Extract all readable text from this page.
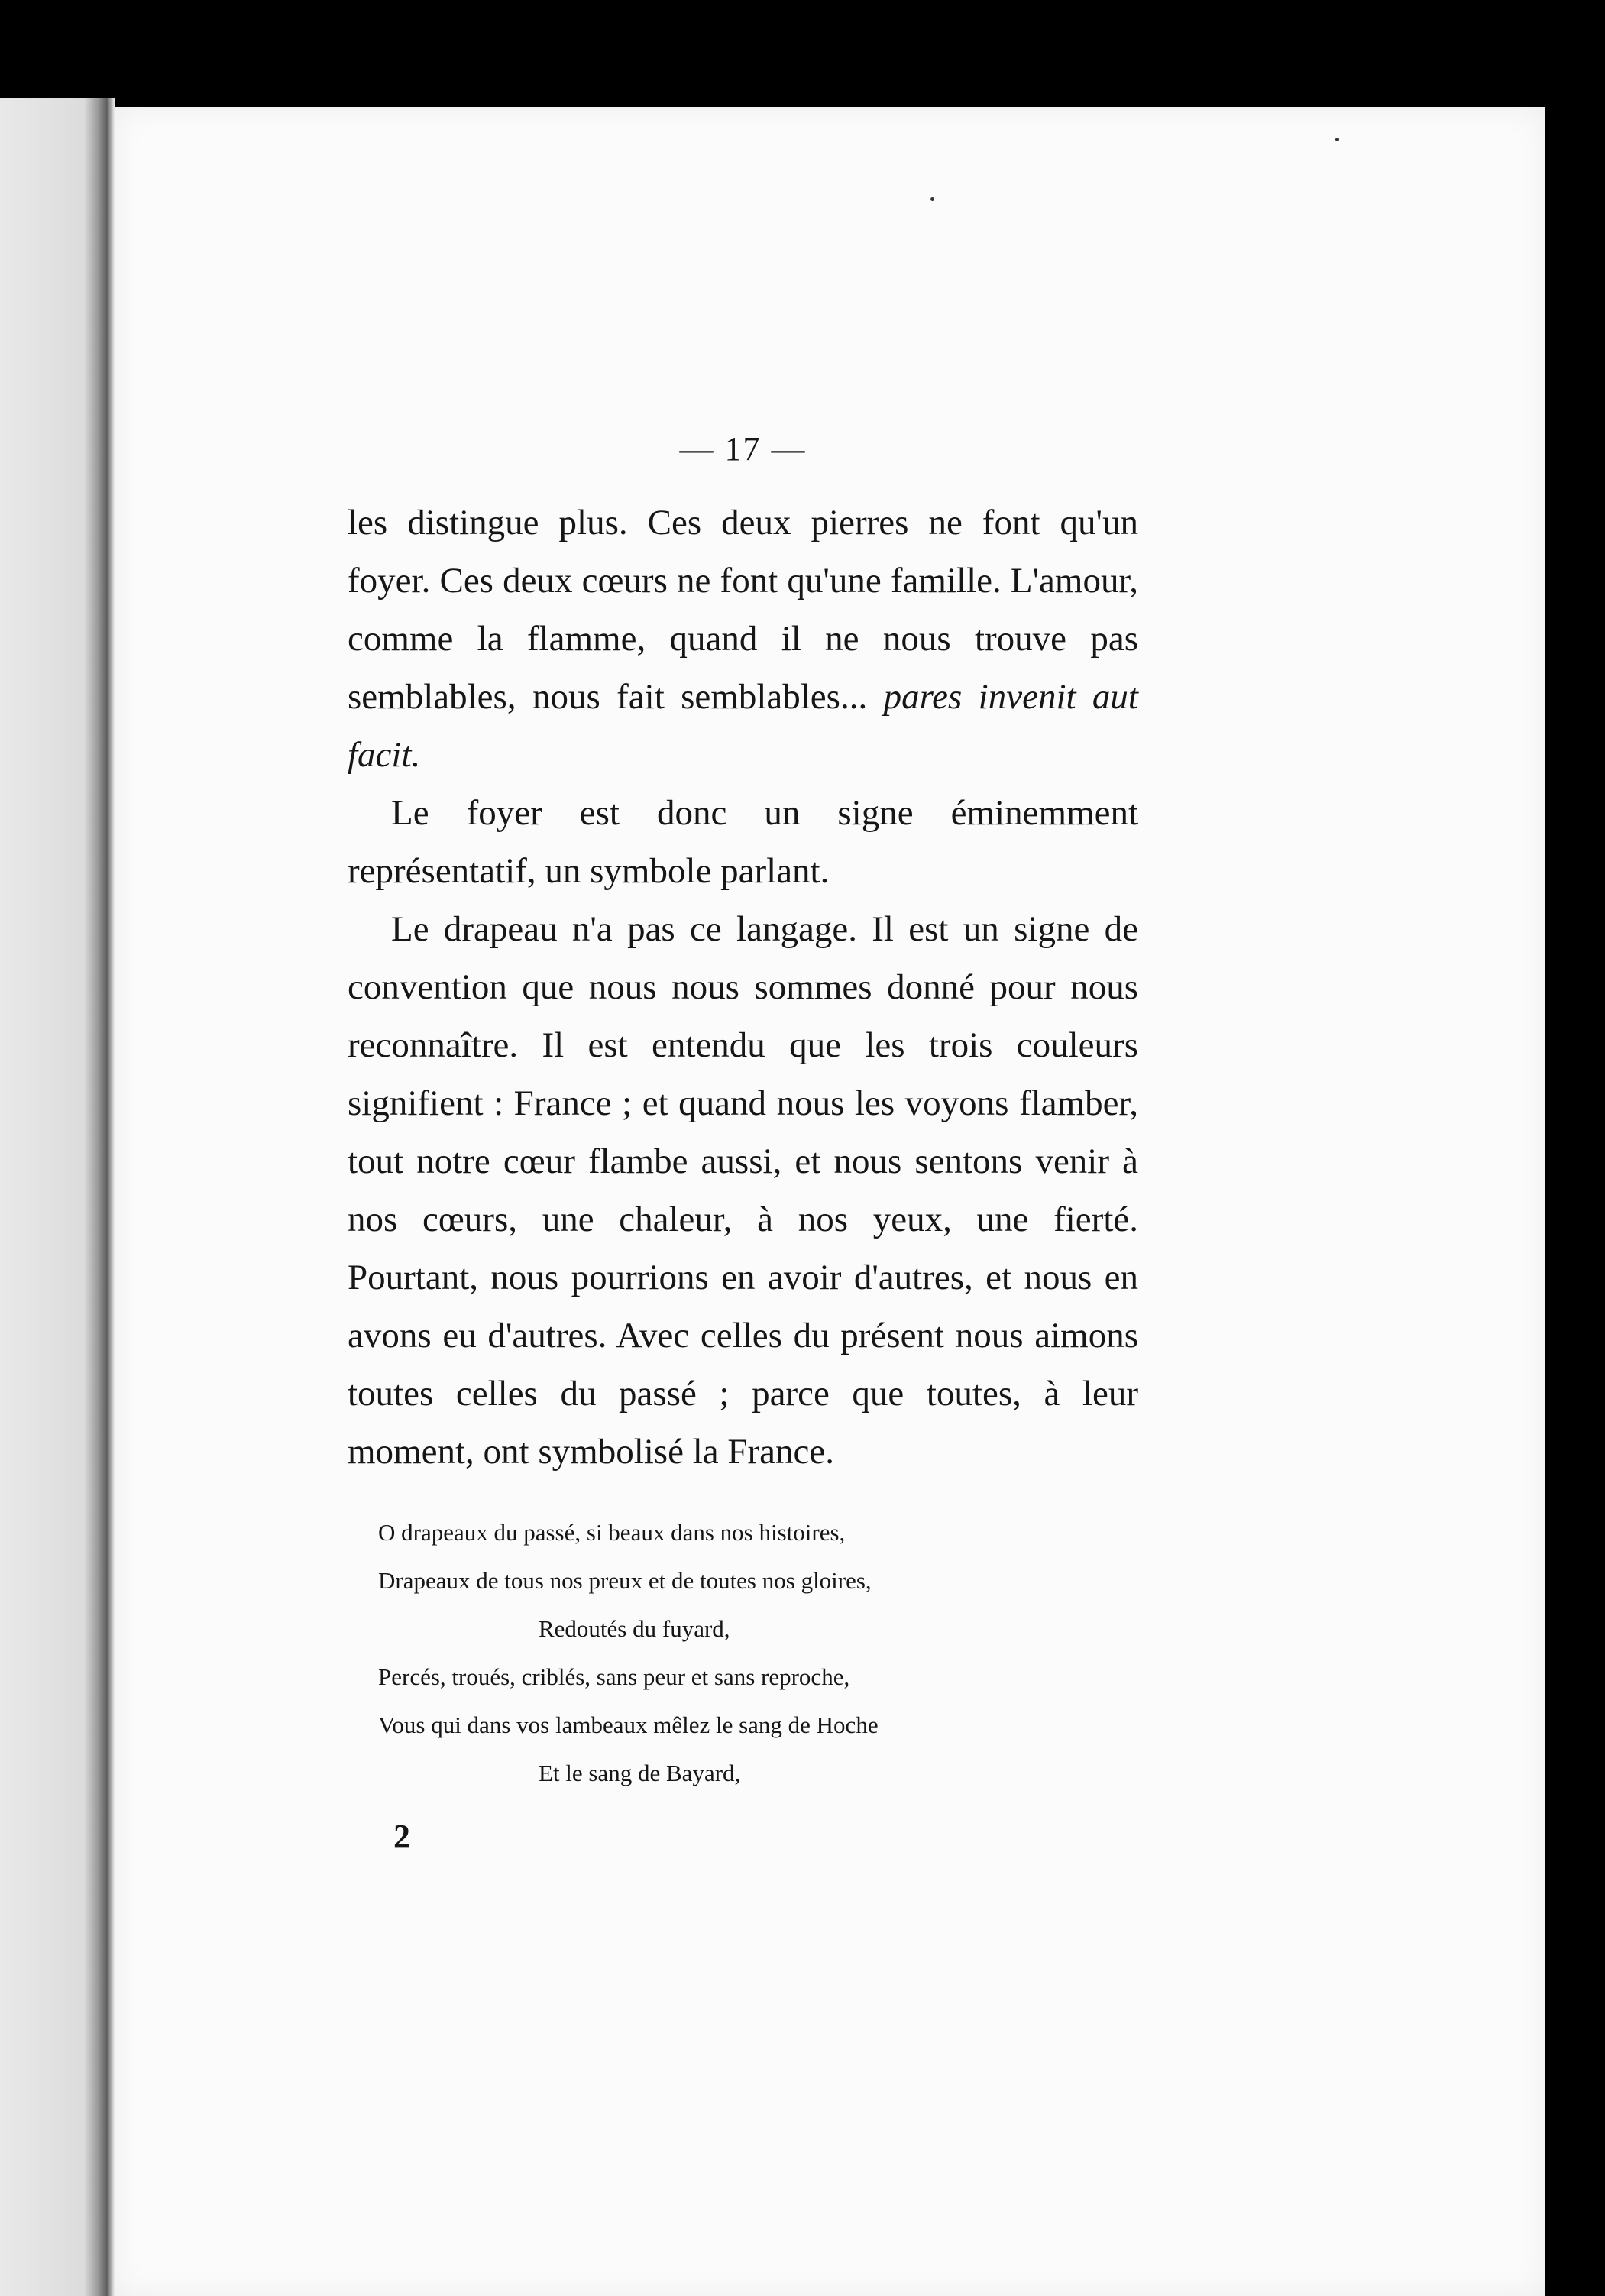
— 17 —

les distingue plus. Ces deux pierres ne font qu'un foyer. Ces deux cœurs ne font qu'une famille. L'amour, comme la flamme, quand il ne nous trouve pas semblables, nous fait semblables... pares invenit aut facit.

Le foyer est donc un signe éminemment représentatif, un symbole parlant.

Le drapeau n'a pas ce langage. Il est un signe de convention que nous nous sommes donné pour nous reconnaître. Il est entendu que les trois couleurs signifient : France ; et quand nous les voyons flamber, tout notre cœur flambe aussi, et nous sentons venir à nos cœurs, une chaleur, à nos yeux, une fierté. Pourtant, nous pourrions en avoir d'autres, et nous en avons eu d'autres. Avec celles du présent nous aimons toutes celles du passé ; parce que toutes, à leur moment, ont symbolisé la France.

O drapeaux du passé, si beaux dans nos histoires,
Drapeaux de tous nos preux et de toutes nos gloires,
Redoutés du fuyard,
Percés, troués, criblés, sans peur et sans reproche,
Vous qui dans vos lambeaux mêlez le sang de Hoche
Et le sang de Bayard,
2
